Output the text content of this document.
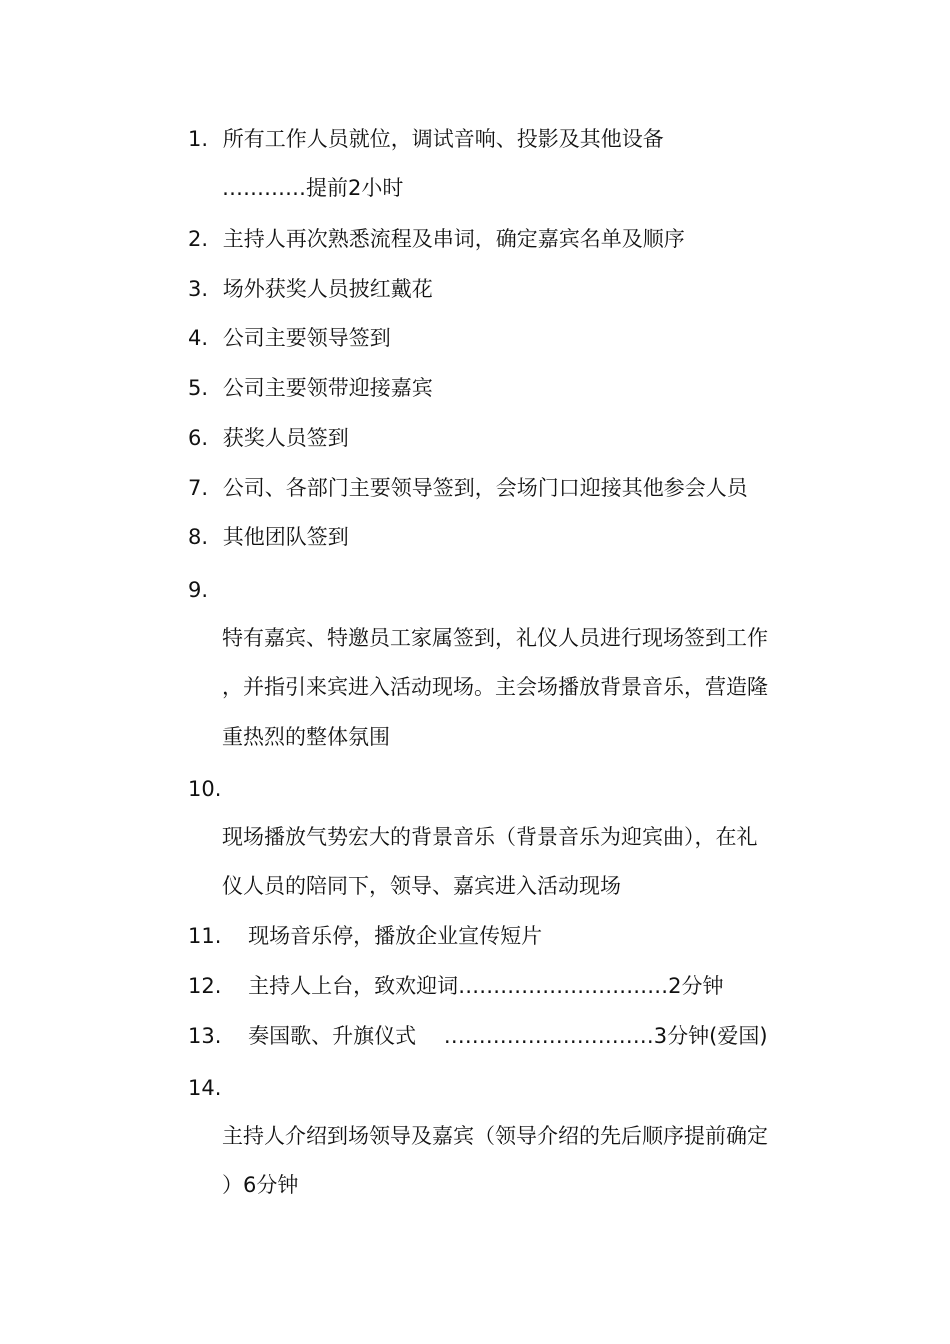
1. 所有工作人员就位，调试音响、投影及其他设备
…………提前2小时
2. 主持人再次熟悉流程及串词，确定嘉宾名单及顺序
3. 场外获奖人员披红戴花
4. 公司主要领导签到
5. 公司主要领带迎接嘉宾
6. 获奖人员签到
7. 公司、各部门主要领导签到，会场门口迎接其他参会人员
8. 其他团队签到
9.
特有嘉宾、特邀员工家属签到，礼仪人员进行现场签到工作
，并指引来宾进入活动现场。主会场播放背景音乐，营造隆
重热烈的整体氛围
10.
现场播放气势宏大的背景音乐（背景音乐为迎宾曲），在礼
仪人员的陪同下，领导、嘉宾进入活动现场
11. 现场音乐停，播放企业宣传短片
12. 主持人上台，致欢迎词…………………………2分钟
13. 奏国歌、升旗仪式　 …………………………3分钟(爱国)
14.
主持人介绍到场领导及嘉宾（领导介绍的先后顺序提前确定
）6分钟
